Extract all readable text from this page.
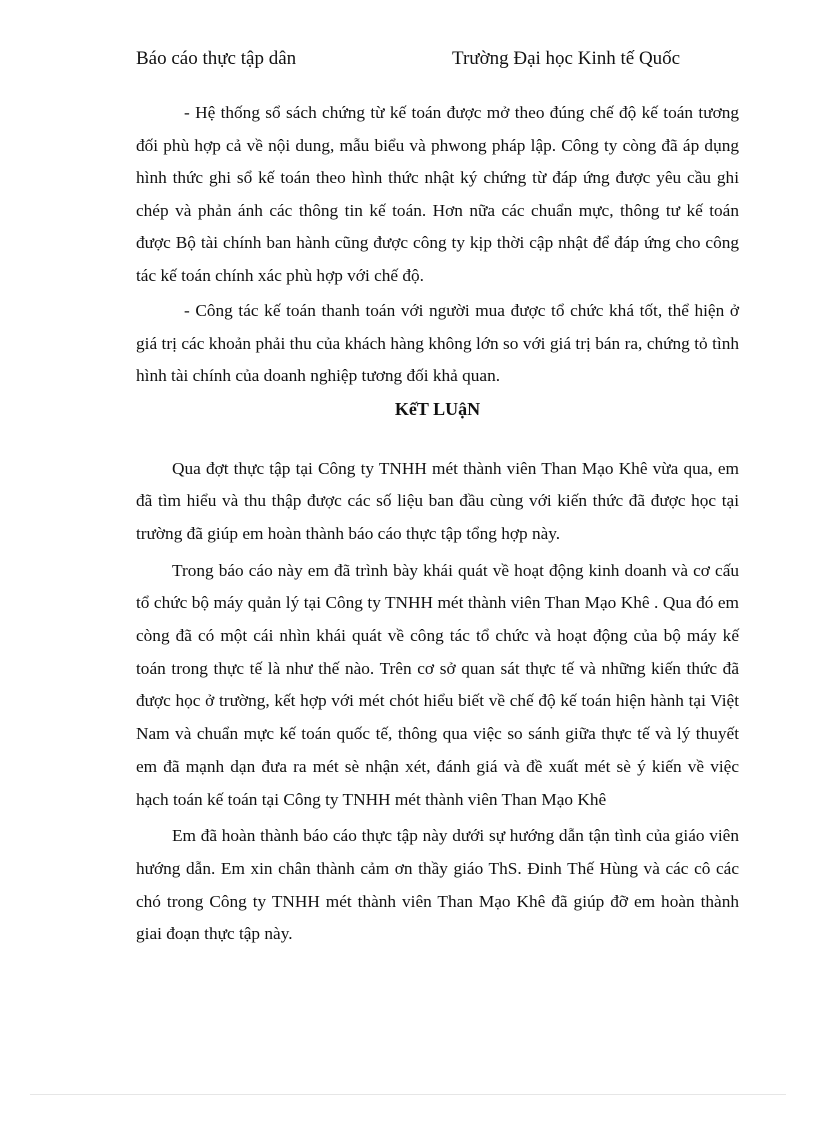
Báo cáo thực tập dân	Trường Đại học Kinh tế Quốc

- Hệ thống sổ sách chứng từ kế toán được mở theo đúng chế độ kế toán tương đối phù hợp cả về nội dung, mẫu biểu và phwong pháp lập. Công ty còng đã áp dụng hình thức ghi sổ kế toán theo hình thức nhật ký chứng từ đáp ứng được yêu cầu ghi chép và phản ánh các thông tin kế toán. Hơn nữa các chuẩn mực, thông tư kế toán được Bộ tài chính ban hành cũng được công ty kịp thời cập nhật để đáp ứng cho công tác kế toán chính xác phù hợp với chế độ.

- Công tác kế toán thanh toán với người mua được tổ chức khá tốt, thể hiện ở giá trị các khoản phải thu của khách hàng không lớn so với giá trị bán ra, chứng tỏ tình hình tài chính của doanh nghiệp tương đối khả quan.

KếT LUậN

Qua đợt thực tập tại Công ty TNHH mét thành viên Than Mạo Khê vừa qua, em đã tìm hiểu và thu thập được các số liệu ban đầu cùng với kiến thức đã được học tại trường đã giúp em hoàn thành báo cáo thực tập tổng hợp này.

Trong báo cáo này em đã trình bày khái quát về hoạt động kinh doanh và cơ cấu tổ chức bộ máy quản lý tại Công ty TNHH mét thành viên Than Mạo Khê . Qua đó em còng đã có một cái nhìn khái quát về công tác tổ chức và hoạt động của bộ máy kế toán trong thực tế là như thế nào. Trên cơ sở quan sát thực tế và những kiến thức đã được học ở trường, kết hợp với mét chót hiểu biết về chế độ kế toán hiện hành tại Việt Nam và chuẩn mực kế toán quốc tế, thông qua việc so sánh giữa thực tế và lý thuyết em đã mạnh dạn đưa ra mét sè nhận xét, đánh giá và đề xuất mét sè ý kiến về việc hạch toán kế toán tại Công ty TNHH mét thành viên Than Mạo Khê

Em đã hoàn thành báo cáo thực tập này dưới sự hướng dẫn tận tình của giáo viên hướng dẫn. Em xin chân thành cảm ơn thầy giáo ThS. Đinh Thế Hùng và các cô các chó trong Công ty TNHH mét thành viên Than Mạo Khê đã giúp đỡ em hoàn thành giai đoạn thực tập này.
